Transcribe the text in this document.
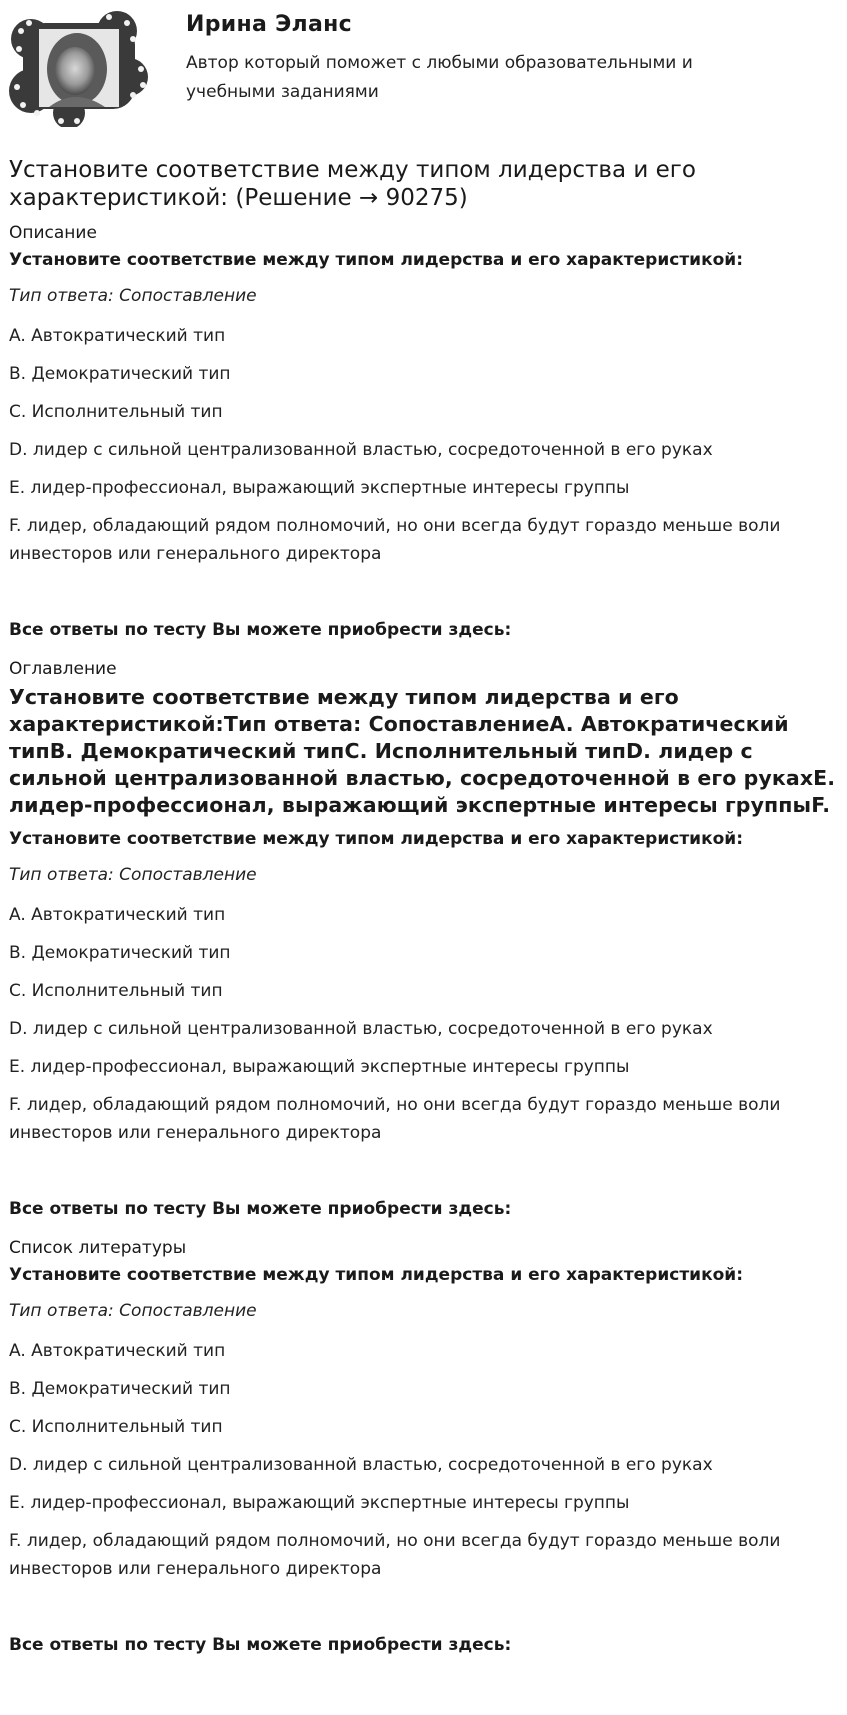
Ирина Эланс
Автор который поможет с любыми образовательными и учебными заданиями
Установите соответствие между типом лидерства и его характеристикой: (Решение → 90275)
Описание
Установите соответствие между типом лидерства и его характеристикой:
Тип ответа: Сопоставление
A. Автократический тип
B. Демократический тип
C. Исполнительный тип
D. лидер с сильной централизованной властью, сосредоточенной в его руках
E. лидер-профессионал, выражающий экспертные интересы группы
F. лидер, обладающий рядом полномочий, но они всегда будут гораздо меньше воли инвесторов или генерального директора
Все ответы по тесту Вы можете приобрести здесь:
Оглавление
Установите соответствие между типом лидерства и его характеристикой:Тип ответа: СопоставлениеA. Автократический типB. Демократический типC. Исполнительный типD. лидер с сильной централизованной властью, сосредоточенной в его рукахE. лидер-профессионал, выражающий экспертные интересы группыF.
Установите соответствие между типом лидерства и его характеристикой:
Тип ответа: Сопоставление
A. Автократический тип
B. Демократический тип
C. Исполнительный тип
D. лидер с сильной централизованной властью, сосредоточенной в его руках
E. лидер-профессионал, выражающий экспертные интересы группы
F. лидер, обладающий рядом полномочий, но они всегда будут гораздо меньше воли инвесторов или генерального директора
Все ответы по тесту Вы можете приобрести здесь:
Список литературы
Установите соответствие между типом лидерства и его характеристикой:
Тип ответа: Сопоставление
A. Автократический тип
B. Демократический тип
C. Исполнительный тип
D. лидер с сильной централизованной властью, сосредоточенной в его руках
E. лидер-профессионал, выражающий экспертные интересы группы
F. лидер, обладающий рядом полномочий, но они всегда будут гораздо меньше воли инвесторов или генерального директора
Все ответы по тесту Вы можете приобрести здесь:
